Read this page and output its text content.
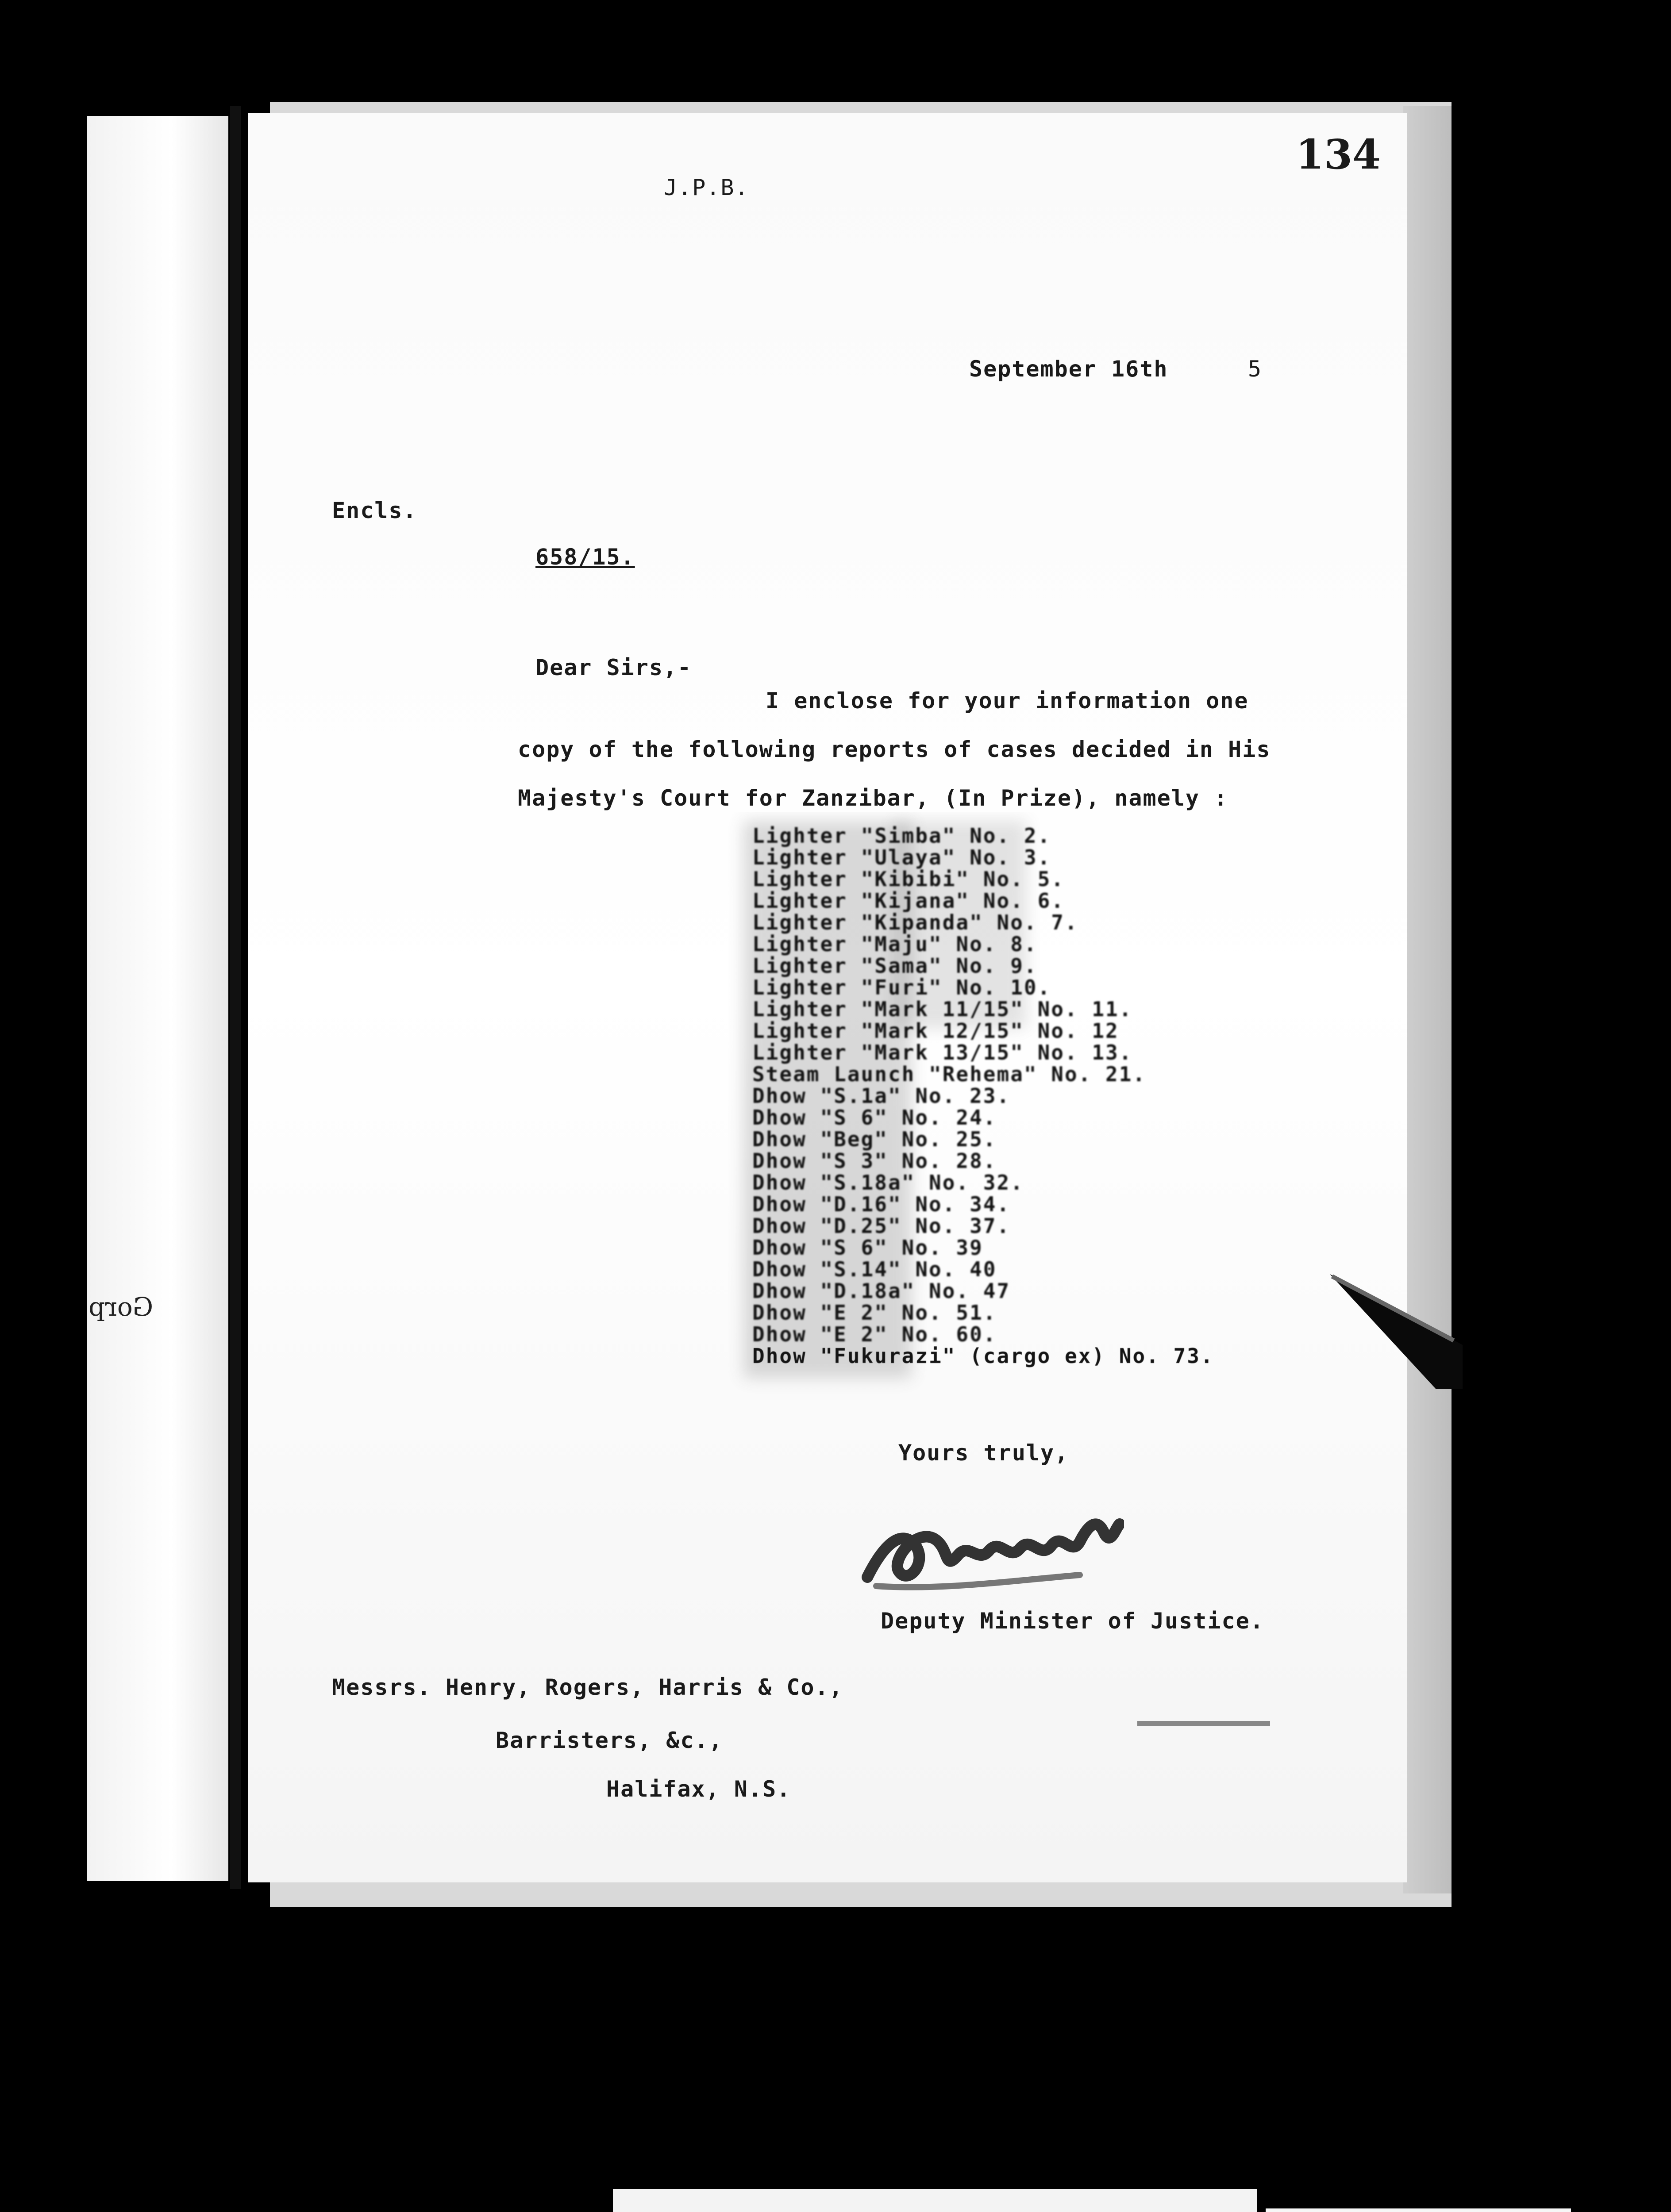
Gorp
134
J.P.B.
September 16th	5
Encls.
658/15.
Dear Sirs,-
I enclose for your information one
copy of the following reports of cases decided in His
Majesty's Court for Zanzibar, (In Prize), namely :
Lighter "Simba" No. 2.
Lighter "Ulaya" No. 3.
Lighter "Kibibi" No. 5.
Lighter "Kijana" No. 6.
Lighter "Kipanda" No. 7.
Lighter "Maju" No. 8.
Lighter "Sama" No. 9.
Lighter "Furi" No. 10.
Lighter "Mark 11/15" No. 11.
Lighter "Mark 12/15" No. 12
Lighter "Mark 13/15" No. 13.
Steam Launch "Rehema" No. 21.
Dhow "S.1a" No. 23.
Dhow "S 6" No. 24.
Dhow "Beg" No. 25.
Dhow "S 3" No. 28.
Dhow "S.18a" No. 32.
Dhow "D.16" No. 34.
Dhow "D.25" No. 37.
Dhow "S 6" No. 39
Dhow "S.14" No. 40
Dhow "D.18a" No. 47
Dhow "E 2" No. 51.
Dhow "E 2" No. 60.
Dhow "Fukurazi" (cargo ex) No. 73.
Yours truly,
Deputy Minister of Justice.
Messrs. Henry, Rogers, Harris & Co.,
Barristers, &c.,
Halifax, N.S.
